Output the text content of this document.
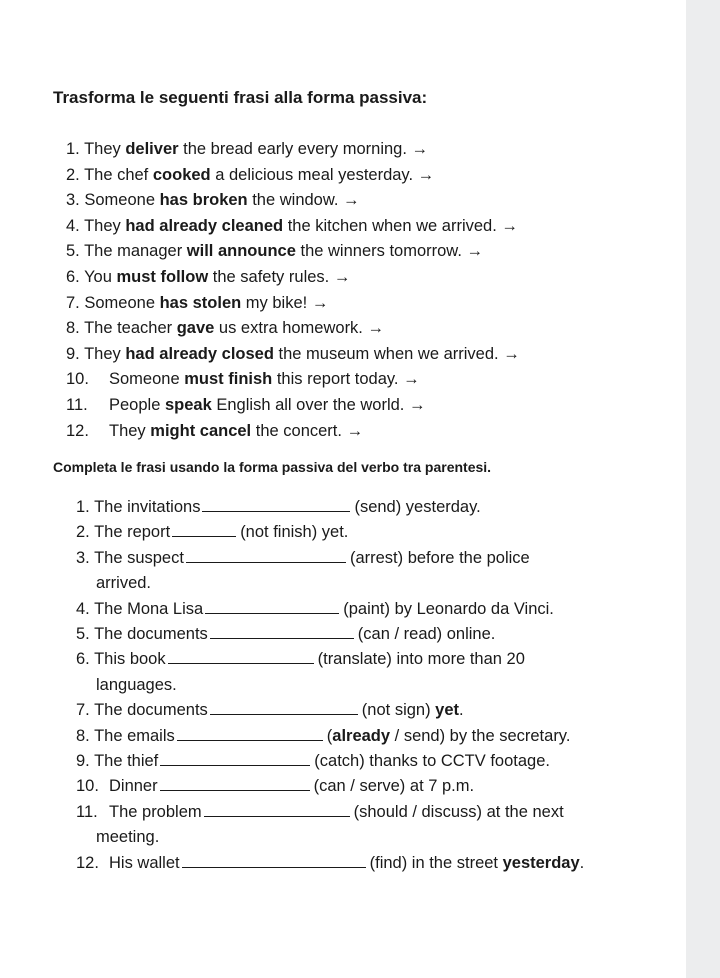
Trasforma le seguenti frasi alla forma passiva:
1. They deliver the bread early every morning. →
2. The chef cooked a delicious meal yesterday. →
3. Someone has broken the window. →
4. They had already cleaned the kitchen when we arrived. →
5. The manager will announce the winners tomorrow. →
6. You must follow the safety rules. →
7. Someone has stolen my bike! →
8. The teacher gave us extra homework. →
9. They had already closed the museum when we arrived. →
10. Someone must finish this report today. →
11. People speak English all over the world. →
12. They might cancel the concert. →
Completa le frasi usando la forma passiva del verbo tra parentesi.
1. The invitations	(send) yesterday.
2. The report	(not finish) yet.
3. The suspect	(arrest) before the police
arrived.
4. The Mona Lisa	(paint) by Leonardo da Vinci.
5. The documents	(can / read) online.
6. This book	(translate) into more than 20
languages.
7. The documents	(not sign) yet.
8. The emails	(already / send) by the secretary.
9. The thief	(catch) thanks to CCTV footage.
10. Dinner	(can / serve) at 7 p.m.
11. The problem	(should / discuss) at the next
meeting.
12. His wallet	(find) in the street yesterday.
